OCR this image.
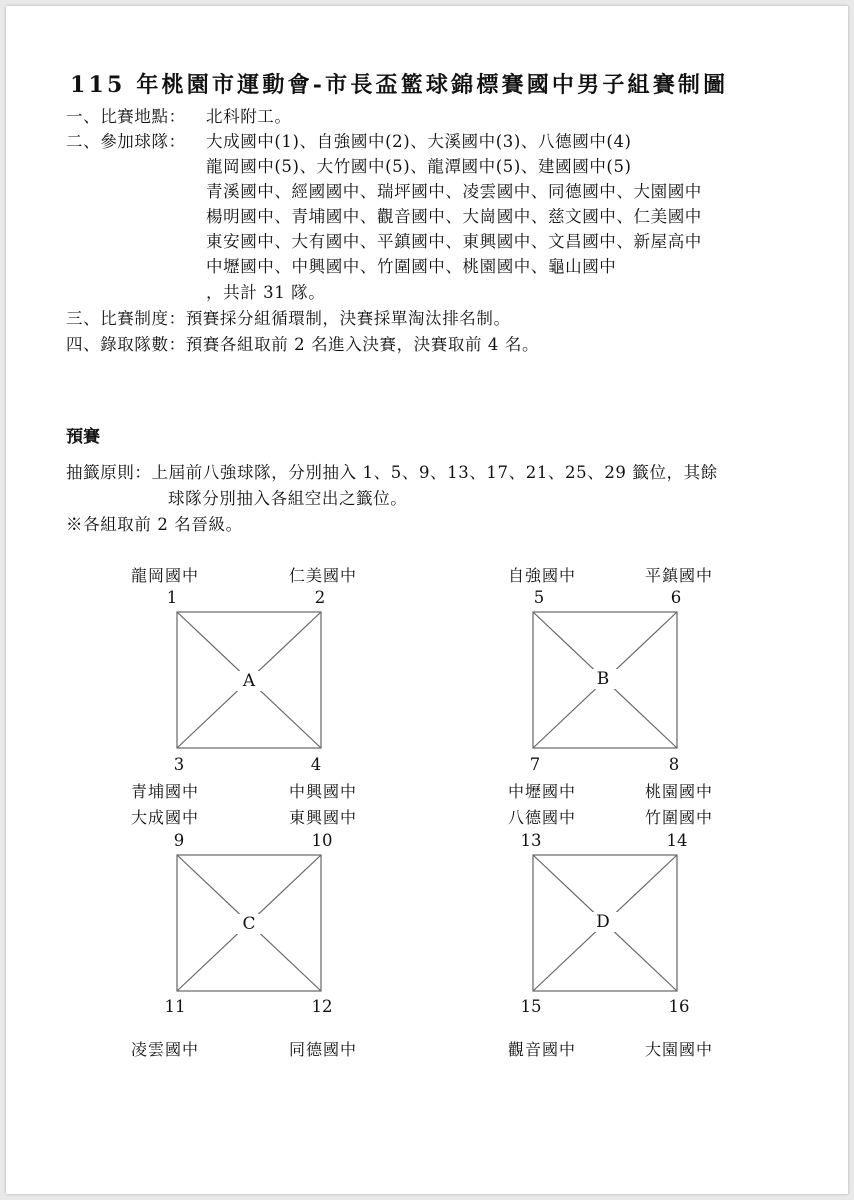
115 年桃園市運動會-市長盃籃球錦標賽國中男子組賽制圖
一、比賽地點： 北科附工。
二、參加球隊： 大成國中(1)、自強國中(2)、大溪國中(3)、八德國中(4)
龍岡國中(5)、大竹國中(5)、龍潭國中(5)、建國國中(5)
青溪國中、經國國中、瑞坪國中、凌雲國中、同德國中、大園國中
楊明國中、青埔國中、觀音國中、大崗國中、慈文國中、仁美國中
東安國中、大有國中、平鎮國中、東興國中、文昌國中、新屋高中
中壢國中、中興國中、竹圍國中、桃園國中、龜山國中
，共計 31 隊。
三、比賽制度：預賽採分組循環制，決賽採單淘汰排名制。
四、錄取隊數：預賽各組取前 2 名進入決賽，決賽取前 4 名。
預賽
抽籤原則：上屆前八強球隊，分別抽入 1、5、9、13、17、21、25、29 籤位，其餘
球隊分別抽入各組空出之籤位。
※各組取前 2 名晉級。
龍岡國中	仁美國中
1	2
A
3	4
青埔國中	中興國中
自強國中	平鎮國中
5	6
B
7	8
中壢國中	桃園國中
大成國中	東興國中
9	10
C
11	12
凌雲國中	同德國中
八德國中	竹圍國中
13	14
D
15	16
觀音國中	大園國中
